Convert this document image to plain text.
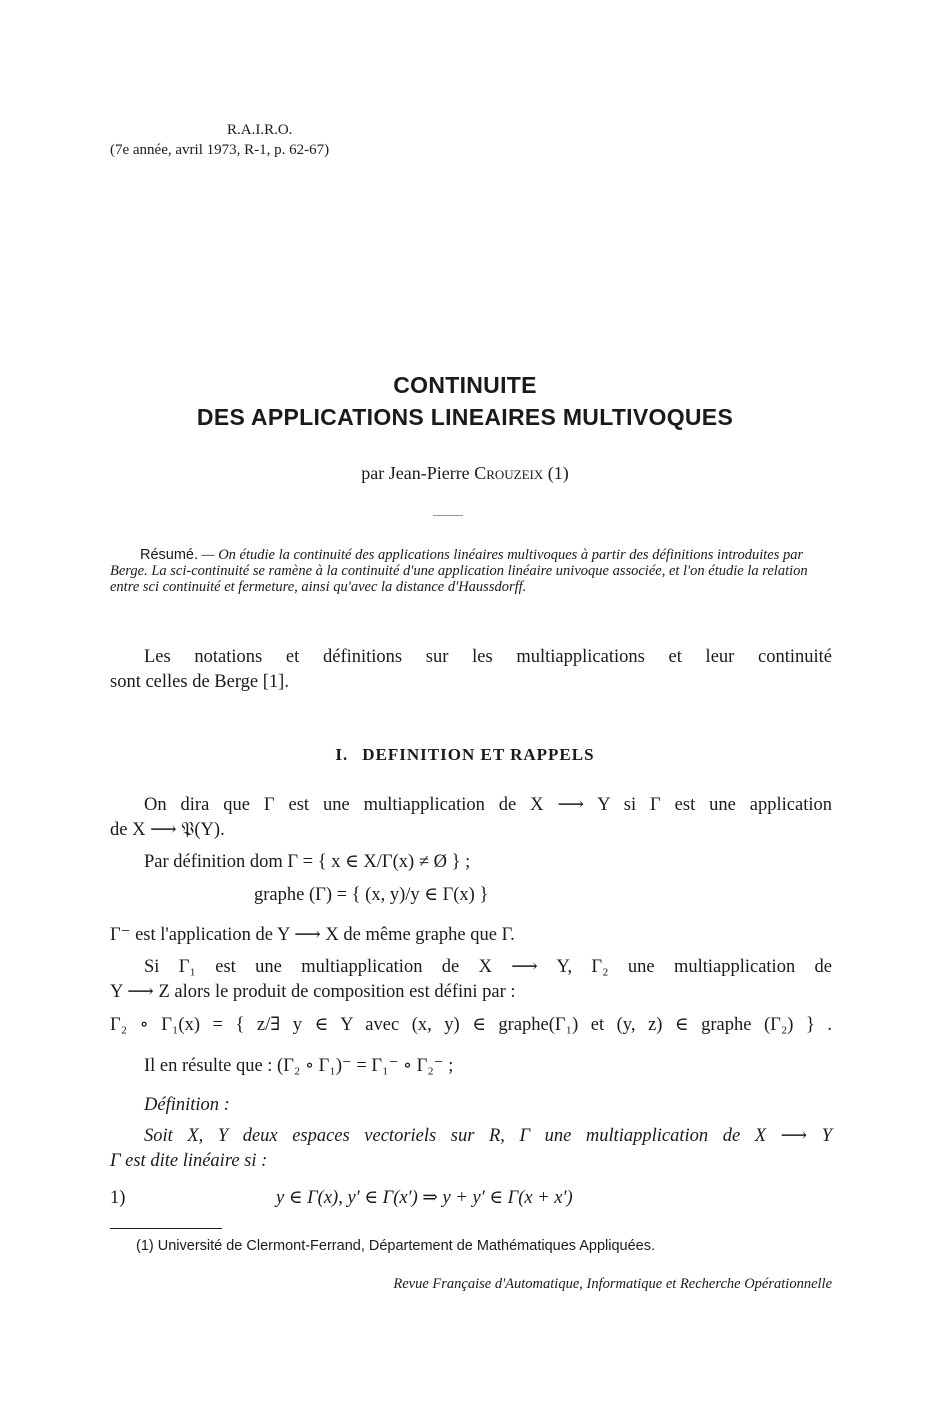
R.A.I.R.O.
(7e année, avril 1973, R-1, p. 62-67)
CONTINUITE
DES APPLICATIONS LINEAIRES MULTIVOQUES
par Jean-Pierre Crouzeix (1)
Résumé. — On étudie la continuité des applications linéaires multivoques à partir des définitions introduites par Berge. La sci-continuité se ramène à la continuité d'une application linéaire univoque associée, et l'on étudie la relation entre sci continuité et fermeture, ainsi qu'avec la distance d'Haussdorff.
Les notations et définitions sur les multiapplications et leur continuité
sont celles de Berge [1].
I. DEFINITION ET RAPPELS
On dira que Γ est une multiapplication de X ⟶ Y si Γ est une application
de X ⟶ 𝔓(Y).
Par définition dom Γ = { x ∈ X/Γ(x) ≠ Ø } ;
graphe (Γ) = { (x, y)/y ∈ Γ(x) }
Γ⁻ est l'application de Y ⟶ X de même graphe que Γ.
Si Γ₁ est une multiapplication de X ⟶ Y, Γ₂ une multiapplication de
Y ⟶ Z alors le produit de composition est défini par :
Γ₂ ∘ Γ₁(x) = { z/∃ y ∈ Y avec (x, y) ∈ graphe(Γ₁) et (y, z) ∈ graphe (Γ₂) } .
Il en résulte que : (Γ₂ ∘ Γ₁)⁻ = Γ₁⁻ ∘ Γ₂⁻ ;
Définition :
Soit X, Y deux espaces vectoriels sur R, Γ une multiapplication de X ⟶ Y
Γ est dite linéaire si :
1)	y ∈ Γ(x), y′ ∈ Γ(x′) ⇒ y + y′ ∈ Γ(x + x′)
(1) Université de Clermont-Ferrand, Département de Mathématiques Appliquées.
Revue Française d'Automatique, Informatique et Recherche Opérationnelle
